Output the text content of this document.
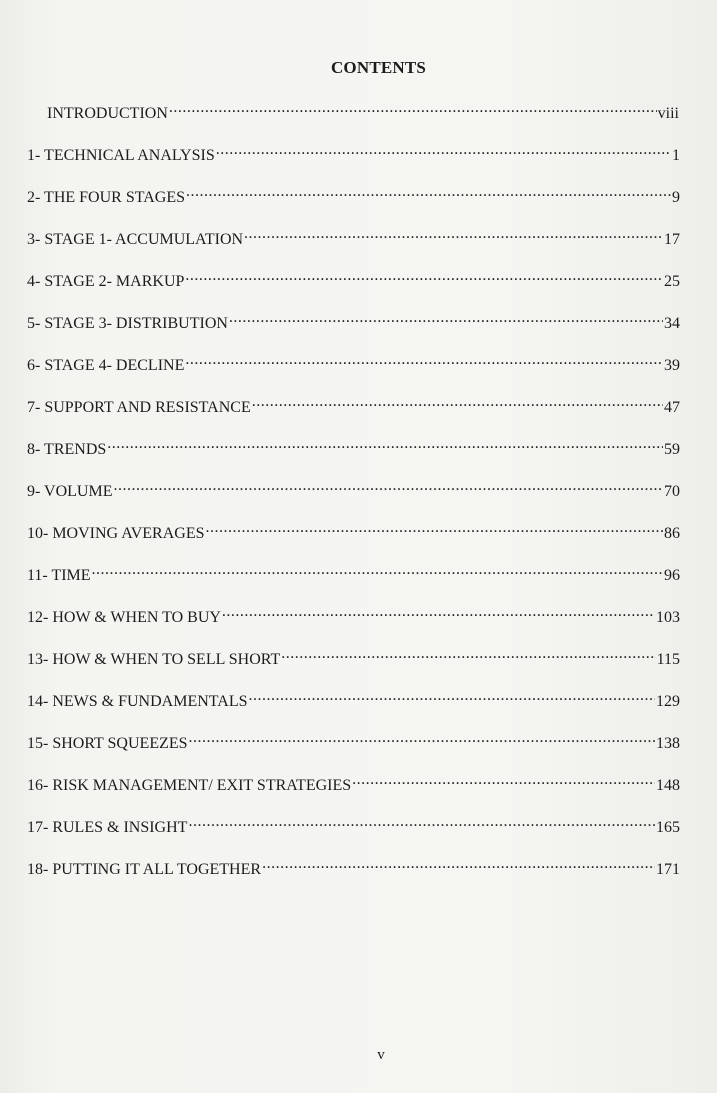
CONTENTS
INTRODUCTION .....	viii
1- TECHNICAL ANALYSIS .....	1
2- THE FOUR STAGES .....	9
3- STAGE 1- ACCUMULATION .....	17
4- STAGE 2- MARKUP .....	25
5- STAGE 3- DISTRIBUTION .....	34
6- STAGE 4- DECLINE .....	39
7- SUPPORT AND RESISTANCE .....	47
8- TRENDS .....	59
9- VOLUME .....	70
10- MOVING AVERAGES .....	86
11- TIME .....	96
12- HOW & WHEN TO BUY .....	103
13- HOW & WHEN TO SELL SHORT .....	115
14- NEWS & FUNDAMENTALS .....	129
15- SHORT SQUEEZES .....	138
16- RISK MANAGEMENT/ EXIT STRATEGIES .....	148
17- RULES & INSIGHT .....	165
18- PUTTING IT ALL TOGETHER .....	171
v
